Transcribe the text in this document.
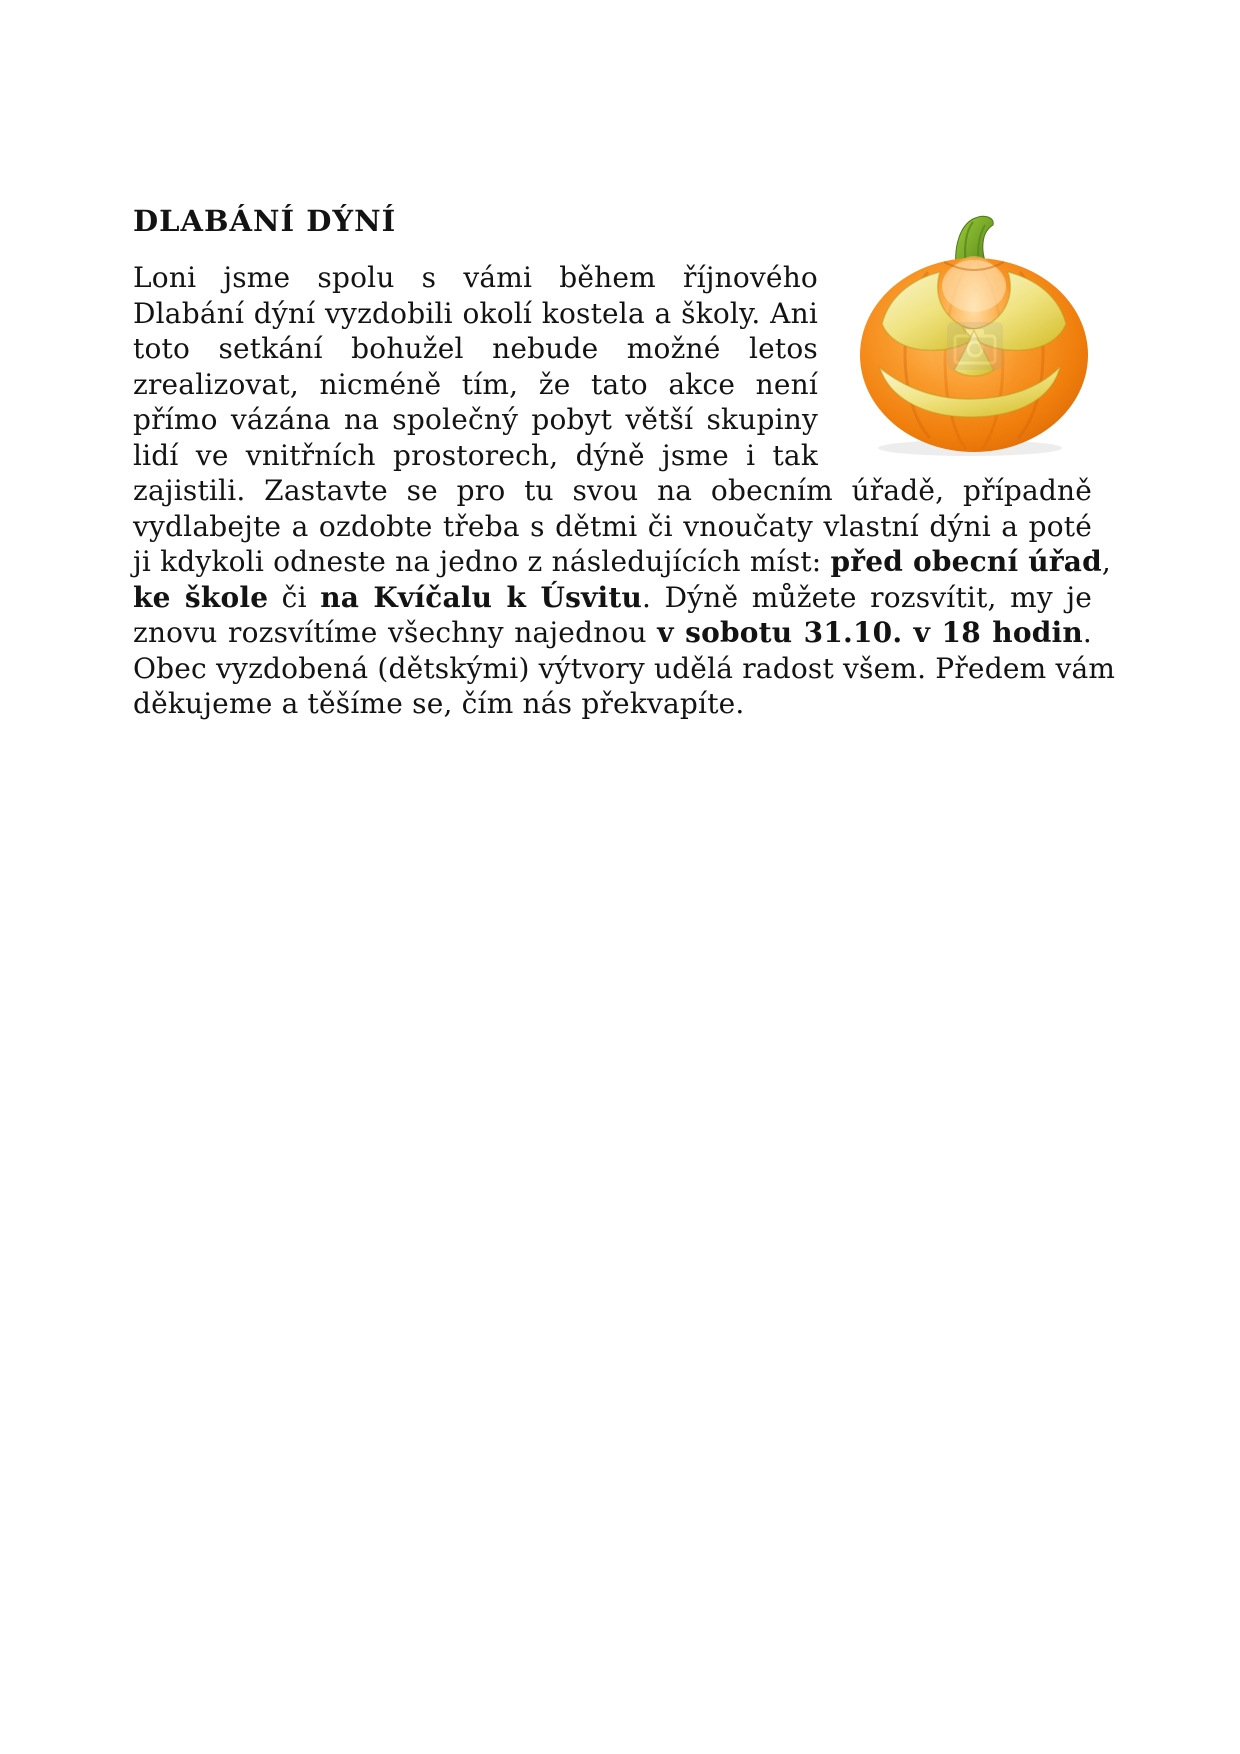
DLABÁNÍ DÝNÍ
Loni jsme spolu s vámi během říjnového
Dlabání dýní vyzdobili okolí kostela a školy. Ani
toto setkání bohužel nebude možné letos
zrealizovat, nicméně tím, že tato akce není
přímo vázána na společný pobyt větší skupiny
lidí ve vnitřních prostorech, dýně jsme i tak
zajistili. Zastavte se pro tu svou na obecním úřadě, případně
vydlabejte a ozdobte třeba s dětmi či vnoučaty vlastní dýni a poté
ji kdykoli odneste na jedno z následujících míst: před obecní úřad,
ke škole či na Kvíčalu k Úsvitu. Dýně můžete rozsvítit, my je
znovu rozsvítíme všechny najednou v sobotu 31.10. v 18 hodin.
Obec vyzdobená (dětskými) výtvory udělá radost všem. Předem vám
děkujeme a těšíme se, čím nás překvapíte.
